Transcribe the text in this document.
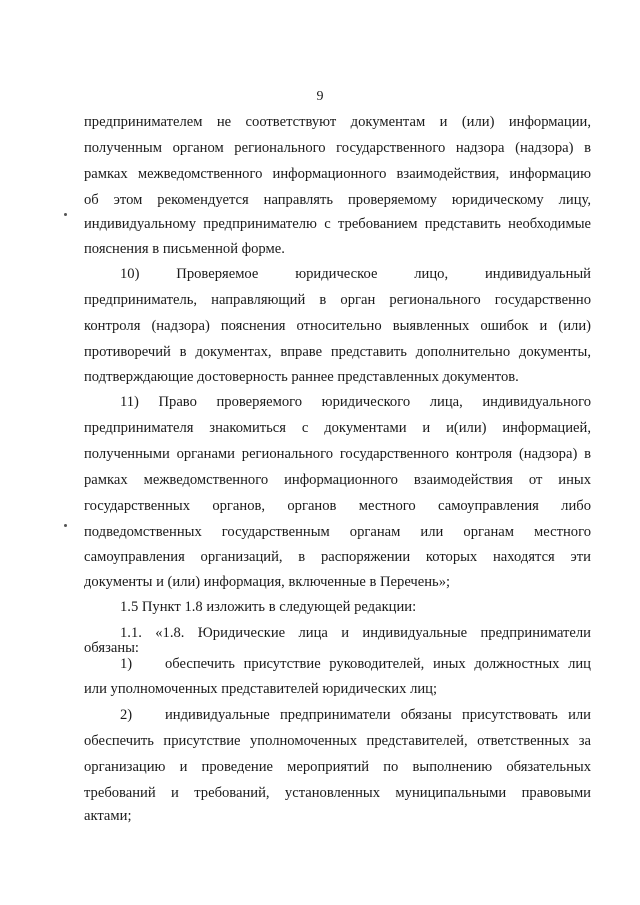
9
предпринимателем не соответствуют документам и (или) информации,
полученным органом регионального государственного надзора (надзора) в
рамках межведомственного информационного взаимодействия, информацию
об этом рекомендуется направлять проверяемому юридическому лицу,
индивидуальному предпринимателю с требованием представить необходимые
пояснения в письменной форме.
10) Проверяемое юридическое лицо, индивидуальный
предприниматель, направляющий в орган регионального государственно
контроля (надзора) пояснения относительно выявленных ошибок и (или)
противоречий в документах, вправе представить дополнительно документы,
подтверждающие достоверность раннее представленных документов.
11) Право проверяемого юридического лица, индивидуального
предпринимателя знакомиться с документами и и(или) информацией,
полученными органами регионального государственного контроля (надзора) в
рамках межведомственного информационного взаимодействия от иных
государственных органов, органов местного самоуправления либо
подведомственных государственным органам или органам местного
самоуправления организаций, в распоряжении которых находятся эти
документы и (или) информация, включенные в Перечень»;
1.5 Пункт 1.8 изложить в следующей редакции:
1.1. «1.8. Юридические лица и индивидуальные предприниматели
обязаны:
1)	обеспечить присутствие руководителей, иных должностных лиц
или уполномоченных представителей юридических лиц;
2)	индивидуальные предприниматели обязаны присутствовать или
обеспечить присутствие уполномоченных представителей, ответственных за
организацию и проведение мероприятий по выполнению обязательных
требований и требований, установленных муниципальными правовыми
актами;
